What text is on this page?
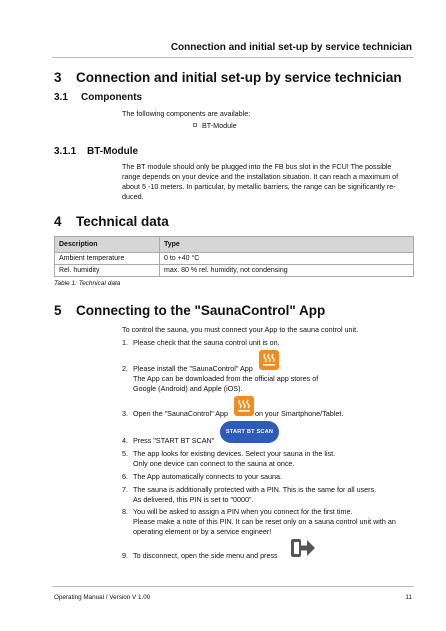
Connection and initial set-up by service technician
3 Connection and initial set-up by service technician
3.1 Components
The following components are available:
BT-Module
3.1.1 BT-Module
The BT module should only be plugged into the FB bus slot in the FCU! The possible
range depends on your device and the installation situation. It can reach a maximum of
about 5 -10 meters. In particular, by metallic barriers, the range can be significantly re-
duced.
4 Technical data
Description	Type
Ambient temperature	0 to +40 °C
Rel. humidity	max. 80 % rel. humidity, not condensing
Table 1: Technical data
5 Connecting to the "SaunaControl" App
To control the sauna, you must connect your App to the sauna control unit.
1. Please check that the sauna control unit is on.
2. Please install the "SaunaControl" App
The App can be downloaded from the official app stores of
Google (Android) and Apple (iOS).
3. Open the "SaunaControl" App	on your Smartphone/Tablet.
START BT SCAN
4. Press "START BT SCAN"
5. The app looks for existing devices. Select your sauna in the list.
Only one device can connect to the sauna at once.
6. The App automatically connects to your sauna.
7. The sauna is additionally protected with a PIN. This is the same for all users.
As delivered, this PIN is set to "0000".
8. You will be asked to assign a PIN when you connect for the first time.
Please make a note of this PIN. It can be reset only on a sauna control unit with an
operating element or by a service engineer!
9. To disconnect, open the side menu and press
Operating Manual / Version V 1.00	11
